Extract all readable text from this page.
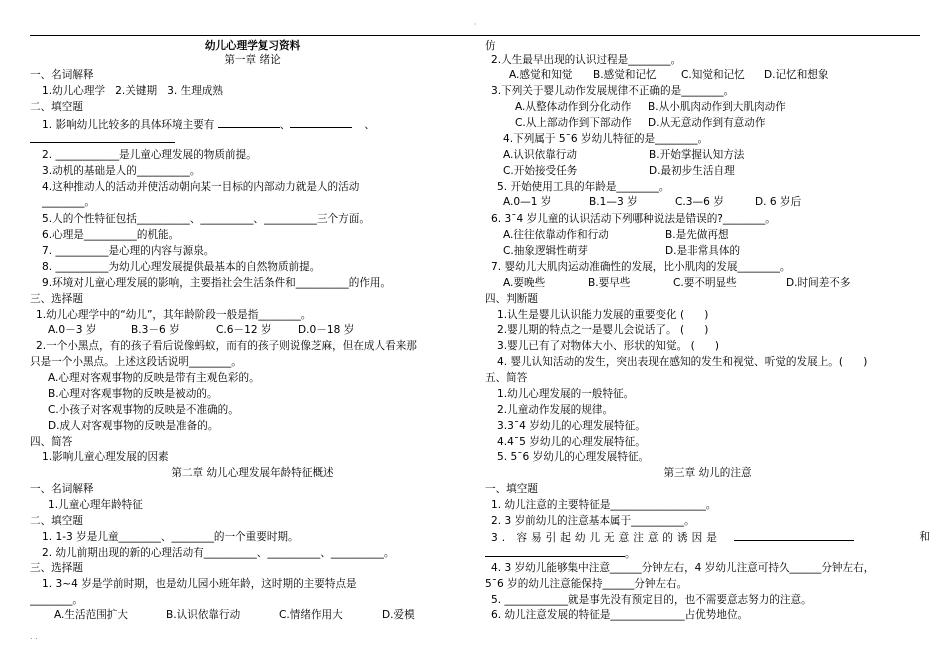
·
幼儿心理学复习资料
第一章 绪论
一、名词解释
1.幼儿心理学   2.关键期   3. 生理成熟
二、填空题
1. 影响幼儿比较多的具体环境主要有	、	、
2. ____________是儿童心理发展的物质前提。
3.动机的基础是人的__________。
4.这种推动人的活动并使活动朝向某一目标的内部动力就是人的活动
________。
5.人的个性特征包括__________、__________、__________三个方面。
6.心理是__________的机能。
7. __________是心理的内容与源泉。
8. __________为幼儿心理发展提供最基本的自然物质前提。
9.环境对儿童心理发展的影响，主要指社会生活条件和__________的作用。
三、选择题
1.幼儿心理学中的“幼儿”，其年龄阶段一般是指________。
A.0－3 岁	B.3－6 岁	C.6－12 岁 D.0－18 岁
2.一个小黑点，有的孩子看后说像蚂蚁，而有的孩子则说像芝麻，但在成人看来那
只是一个小黑点。上述这段话说明________。
A.心理对客观事物的反映是带有主观色彩的。
B.心理对客观事物的反映是被动的。
C.小孩子对客观事物的反映是不准确的。
D.成人对客观事物的反映是准备的。
四、简答
1.影响儿童心理发展的因素
第二章 幼儿心理发展年龄特征概述
一、名词解释
1.儿童心理年龄特征
二、填空题
1. 1-3 岁是儿童________、________的一个重要时期。
2. 幼儿前期出现的新的心理活动有__________、__________、__________。
三、选择题
1. 3~4 岁是学前时期，也是幼儿园小班年龄，这时期的主要特点是
________。
A.生活范围扩大	B.认识依靠行动	C.情绪作用大	D.爱模
仿
2.人生最早出现的认识过程是________。
A.感觉和知觉 B.感觉和记忆 C.知觉和记忆 D.记忆和想象
3.下列关于婴儿动作发展规律不正确的是________。
A.从整体动作到分化动作 B.从小肌肉动作到大肌肉动作
C.从上部动作到下部动作 D.从无意动作到有意动作
4.下列属于 5¯6 岁幼儿特征的是________。
A.认识依靠行动	B.开始掌握认知方法
C.开始接受任务	D.最初步生活自理
5. 开始使用工具的年龄是________。
A.0—1 岁	B.1—3 岁	C.3—6 岁	D. 6 岁后
6. 3¯4 岁儿童的认识活动下列哪种说法是错误的?________。
A.往往依靠动作和行动	B.是先做再想
C.抽象逻辑性萌芽	D.是非常具体的
7. 婴幼儿大肌肉运动准确性的发展，比小肌肉的发展________。
A.要晚些	B.要早些	C.要不明显些	D.时间差不多
四、判断题
1.认生是婴儿认识能力发展的重要变化 (      )
2.婴儿期的特点之一是婴儿会说话了。 (      )
3.婴儿已有了对物体大小、形状的知觉。 (      )
4. 婴儿认知活动的发生，突出表现在感知的发生和视觉、听觉的发展上。(      )
五、简答
1.幼儿心理发展的一般特征。
2.儿童动作发展的规律。
3.3¯4 岁幼儿的心理发展特征。
4.4¯5 岁幼儿的心理发展特征。
5. 5¯6 岁幼儿的心理发展特征。
第三章 幼儿的注意
一、填空题
1. 幼儿注意的主要特征是__________________。
2. 3 岁前幼儿的注意基本属于__________。
3. 容易引起幼儿无意注意的诱因是	和
。
4. 3 岁幼儿能够集中注意______分钟左右，4 岁幼儿注意可持久______分钟左右，
5¯6 岁的幼儿注意能保持______分钟左右。
5. ____________就是事先没有预定目的，也不需要意志努力的注意。
6. 幼儿注意发展的特征是______________占优势地位。
. .
